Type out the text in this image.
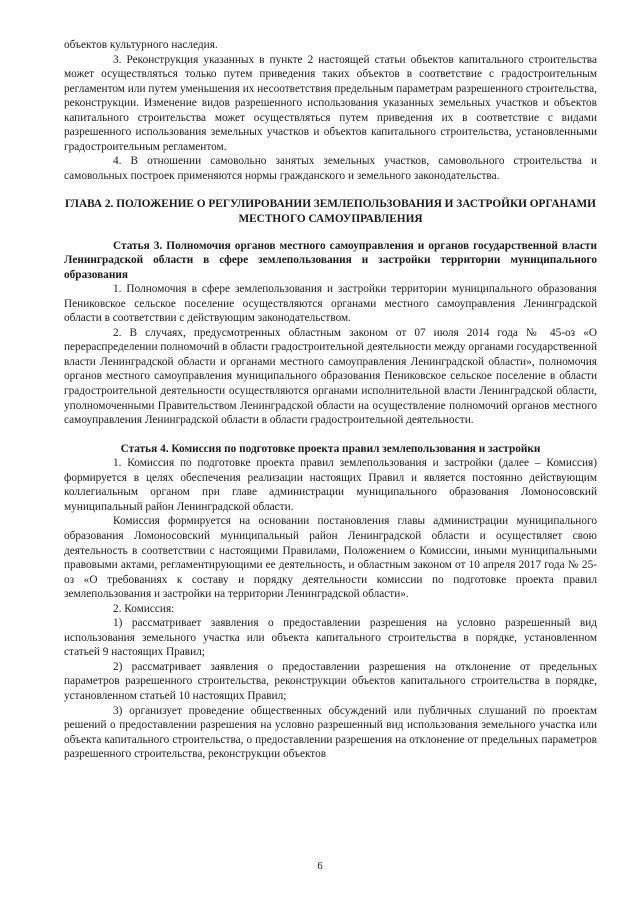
объектов культурного наследия.

3. Реконструкция указанных в пункте 2 настоящей статьи объектов капитального строительства может осуществляться только путем приведения таких объектов в соответствие с градостроительным регламентом или путем уменьшения их несоответствия предельным параметрам разрешенного строительства, реконструкции. Изменение видов разрешенного использования указанных земельных участков и объектов капитального строительства может осуществляться путем приведения их в соответствие с видами разрешенного использования земельных участков и объектов капитального строительства, установленными градостроительным регламентом.

4. В отношении самовольно занятых земельных участков, самовольного строительства и самовольных построек применяются нормы гражданского и земельного законодательства.

ГЛАВА 2. ПОЛОЖЕНИЕ О РЕГУЛИРОВАНИИ ЗЕМЛЕПОЛЬЗОВАНИЯ И ЗАСТРОЙКИ ОРГАНАМИ МЕСТНОГО САМОУПРАВЛЕНИЯ

Статья 3. Полномочия органов местного самоуправления и органов государственной власти Ленинградской области в сфере землепользования и застройки территории муниципального образования

1. Полномочия в сфере землепользования и застройки территории муниципального образования Пениковское сельское поселение осуществляются органами местного самоуправления Ленинградской области в соответствии с действующим законодательством.

2. В случаях, предусмотренных областным законом от 07 июля 2014 года № 45-оз «О перераспределении полномочий в области градостроительной деятельности между органами государственной власти Ленинградской области и органами местного самоуправления Ленинградской области», полномочия органов местного самоуправления муниципального образования Пениковское сельское поселение в области градостроительной деятельности осуществляются органами исполнительной власти Ленинградской области, уполномоченными Правительством Ленинградской области на осуществление полномочий органов местного самоуправления Ленинградской области в области градостроительной деятельности.

Статья 4. Комиссия по подготовке проекта правил землепользования и застройки

1. Комиссия по подготовке проекта правил землепользования и застройки (далее – Комиссия) формируется в целях обеспечения реализации настоящих Правил и является постоянно действующим коллегиальным органом при главе администрации муниципального образования Ломоносовский муниципальный район Ленинградской области.

Комиссия формируется на основании постановления главы администрации муниципального образования Ломоносовский муниципальный район Ленинградской области и осуществляет свою деятельность в соответствии с настоящими Правилами, Положением о Комиссии, иными муниципальными правовыми актами, регламентирующими ее деятельность, и областным законом от 10 апреля 2017 года № 25-оз «О требованиях к составу и порядку деятельности комиссии по подготовке проекта правил землепользования и застройки на территории Ленинградской области».

2. Комиссия:

1) рассматривает заявления о предоставлении разрешения на условно разрешенный вид использования земельного участка или объекта капитального строительства в порядке, установленном статьей 9 настоящих Правил;

2) рассматривает заявления о предоставлении разрешения на отклонение от предельных параметров разрешенного строительства, реконструкции объектов капитального строительства в порядке, установленном статьей 10 настоящих Правил;

3) организует проведение общественных обсуждений или публичных слушаний по проектам решений о предоставлении разрешения на условно разрешенный вид использования земельного участка или объекта капитального строительства, о предоставлении разрешения на отклонение от предельных параметров разрешенного строительства, реконструкции объектов

6
